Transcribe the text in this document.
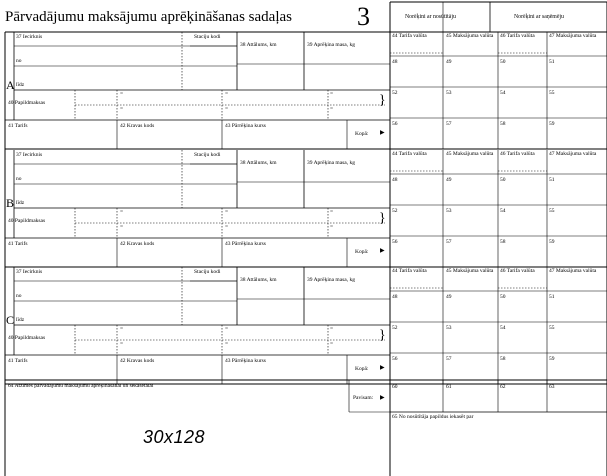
Pārvadājumu maksājumu aprēķināšanas sadaļas	3	Norēķini ar nosūtītāju	Norēķini ar saņēmēju
A
37 Iecirknis	Staciju kodi
no
līdz
38 Attālums, km	39 Aprēķina masa, kg
40 Papildmaksas
41 Tarifs	42 Kravas kods	43 Pārrēķina kurss
Kopā: ▶
}
=
=
=
=
=
=
44 Tarifa valūta	45 Maksājuma valūta 46 Tarifa valūta	47 Maksājuma valūta
48	49	50	51
52	53	54	55
56	57	58	59
B
37 Iecirknis	Staciju kodi
no
līdz
38 Attālums, km	39 Aprēķina masa, kg
40 Papildmaksas
41 Tarifs	42 Kravas kods	43 Pārrēķina kurss
Kopā: ▶
}
=
=
=
=
=
=
44 Tarifa valūta	45 Maksājuma valūta 46 Tarifa valūta	47 Maksājuma valūta
48	49	50	51
52	53	54	55
56	57	58	59
C
37 Iecirknis	Staciju kodi
no
līdz
38 Attālums, km	39 Aprēķina masa, kg
40 Papildmaksas
41 Tarifs	42 Kravas kods	43 Pārrēķina kurss
Kopā: ▶
}
=
=
=
=
=
=
44 Tarifa valūta	45 Maksājuma valūta 46 Tarifa valūta	47 Maksājuma valūta
48	49	50	51
52	53	54	55
56	57	58	59
64 Atzīmes pārvadājumu maksājumu aprēķināšanai un sekasētāiai
Pavisam: ▶
60	61	62	63
65 No nosūtītāja papildus iekasēt par
30x128
